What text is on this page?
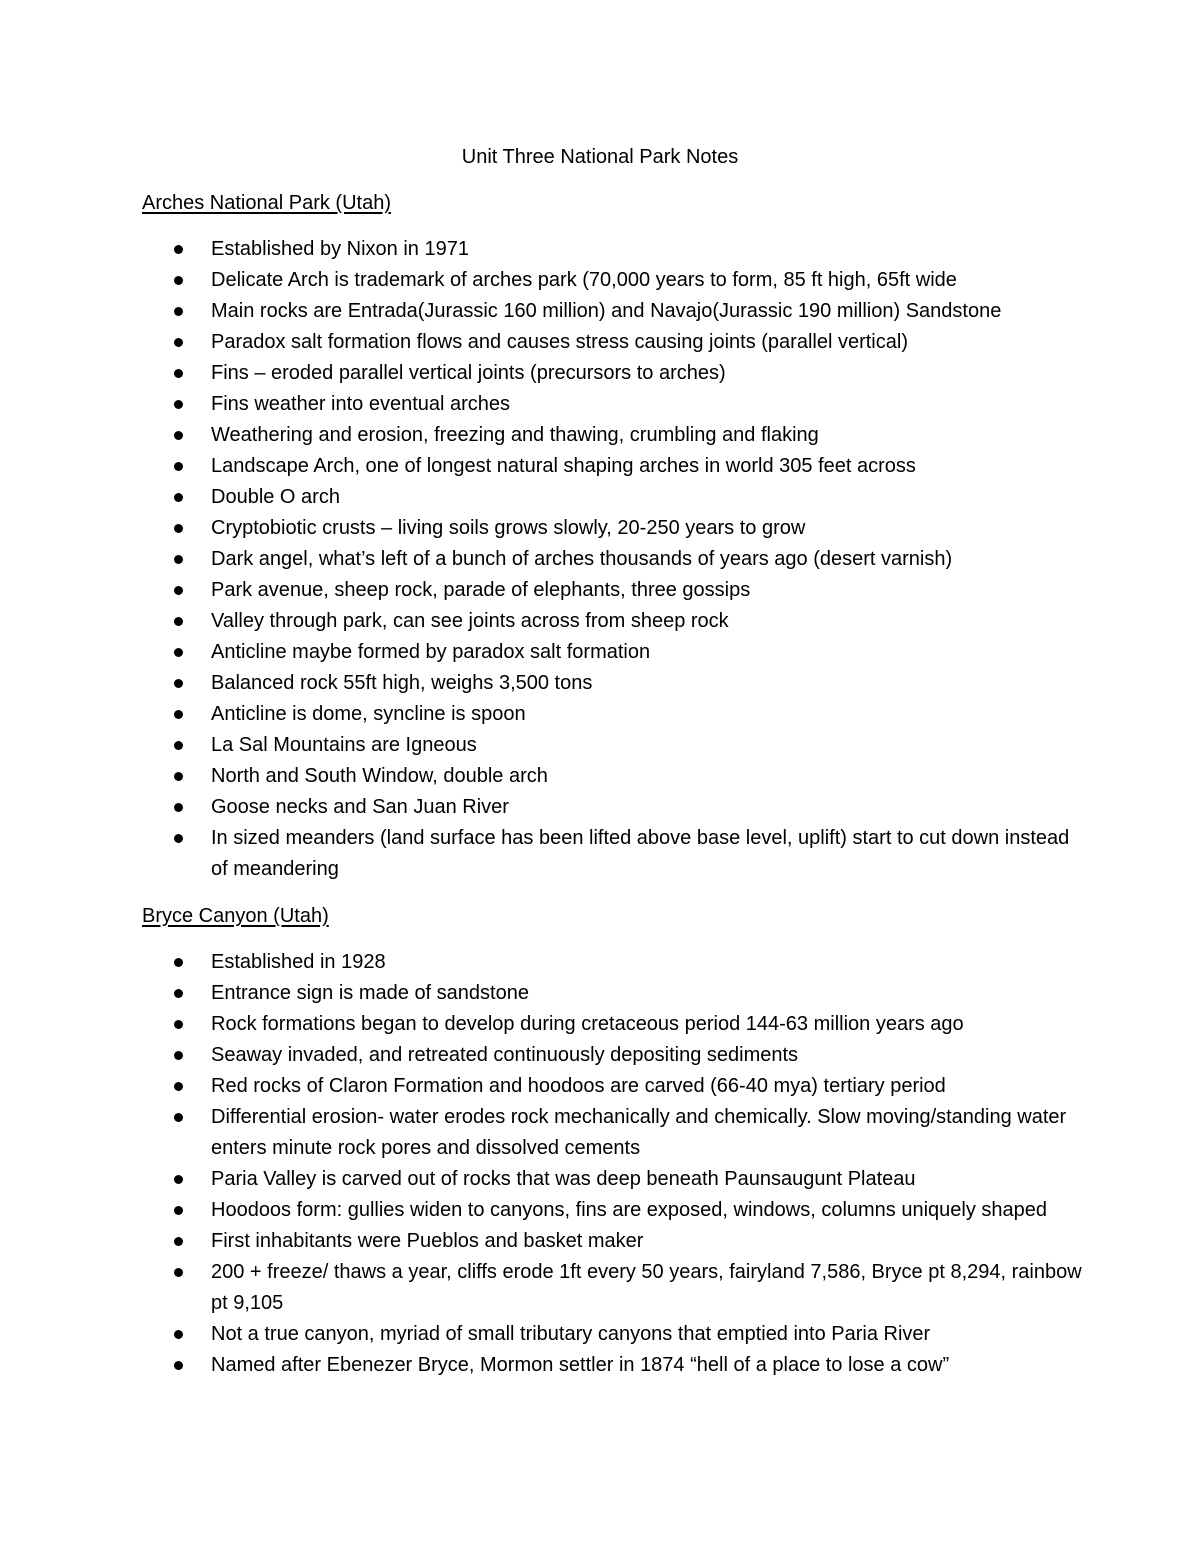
Unit Three National Park Notes
Arches National Park (Utah)
Established by Nixon in 1971
Delicate Arch is trademark of arches park (70,000 years to form, 85 ft high, 65ft wide
Main rocks are Entrada(Jurassic 160 million) and Navajo(Jurassic 190 million) Sandstone
Paradox salt formation flows and causes stress causing joints (parallel vertical)
Fins – eroded parallel vertical joints (precursors to arches)
Fins weather into eventual arches
Weathering and erosion, freezing and thawing, crumbling and flaking
Landscape Arch, one of longest natural shaping arches in world 305 feet across
Double O arch
Cryptobiotic crusts – living soils grows slowly, 20-250 years to grow
Dark angel, what’s left of a bunch of arches thousands of years ago (desert varnish)
Park avenue, sheep rock, parade of elephants, three gossips
Valley through park, can see joints across from sheep rock
Anticline maybe formed by paradox salt formation
Balanced rock 55ft high, weighs 3,500 tons
Anticline is dome, syncline is spoon
La Sal Mountains are Igneous
North and South Window, double arch
Goose necks and San Juan River
In sized meanders (land surface has been lifted above base level, uplift) start to cut down instead of meandering
Bryce Canyon (Utah)
Established in 1928
Entrance sign is made of sandstone
Rock formations began to develop during cretaceous period 144-63 million years ago
Seaway invaded, and retreated continuously depositing sediments
Red rocks of Claron Formation and hoodoos are carved (66-40 mya) tertiary period
Differential erosion- water erodes rock mechanically and chemically. Slow moving/standing water enters minute rock pores and dissolved cements
Paria Valley is carved out of rocks that was deep beneath Paunsaugunt Plateau
Hoodoos form: gullies widen to canyons, fins are exposed, windows, columns uniquely shaped
First inhabitants were Pueblos and basket maker
200 + freeze/ thaws a year, cliffs erode 1ft every 50 years, fairyland 7,586, Bryce pt 8,294, rainbow pt 9,105
Not a true canyon, myriad of small tributary canyons that emptied into Paria River
Named after Ebenezer Bryce, Mormon settler in 1874 “hell of a place to lose a cow”
